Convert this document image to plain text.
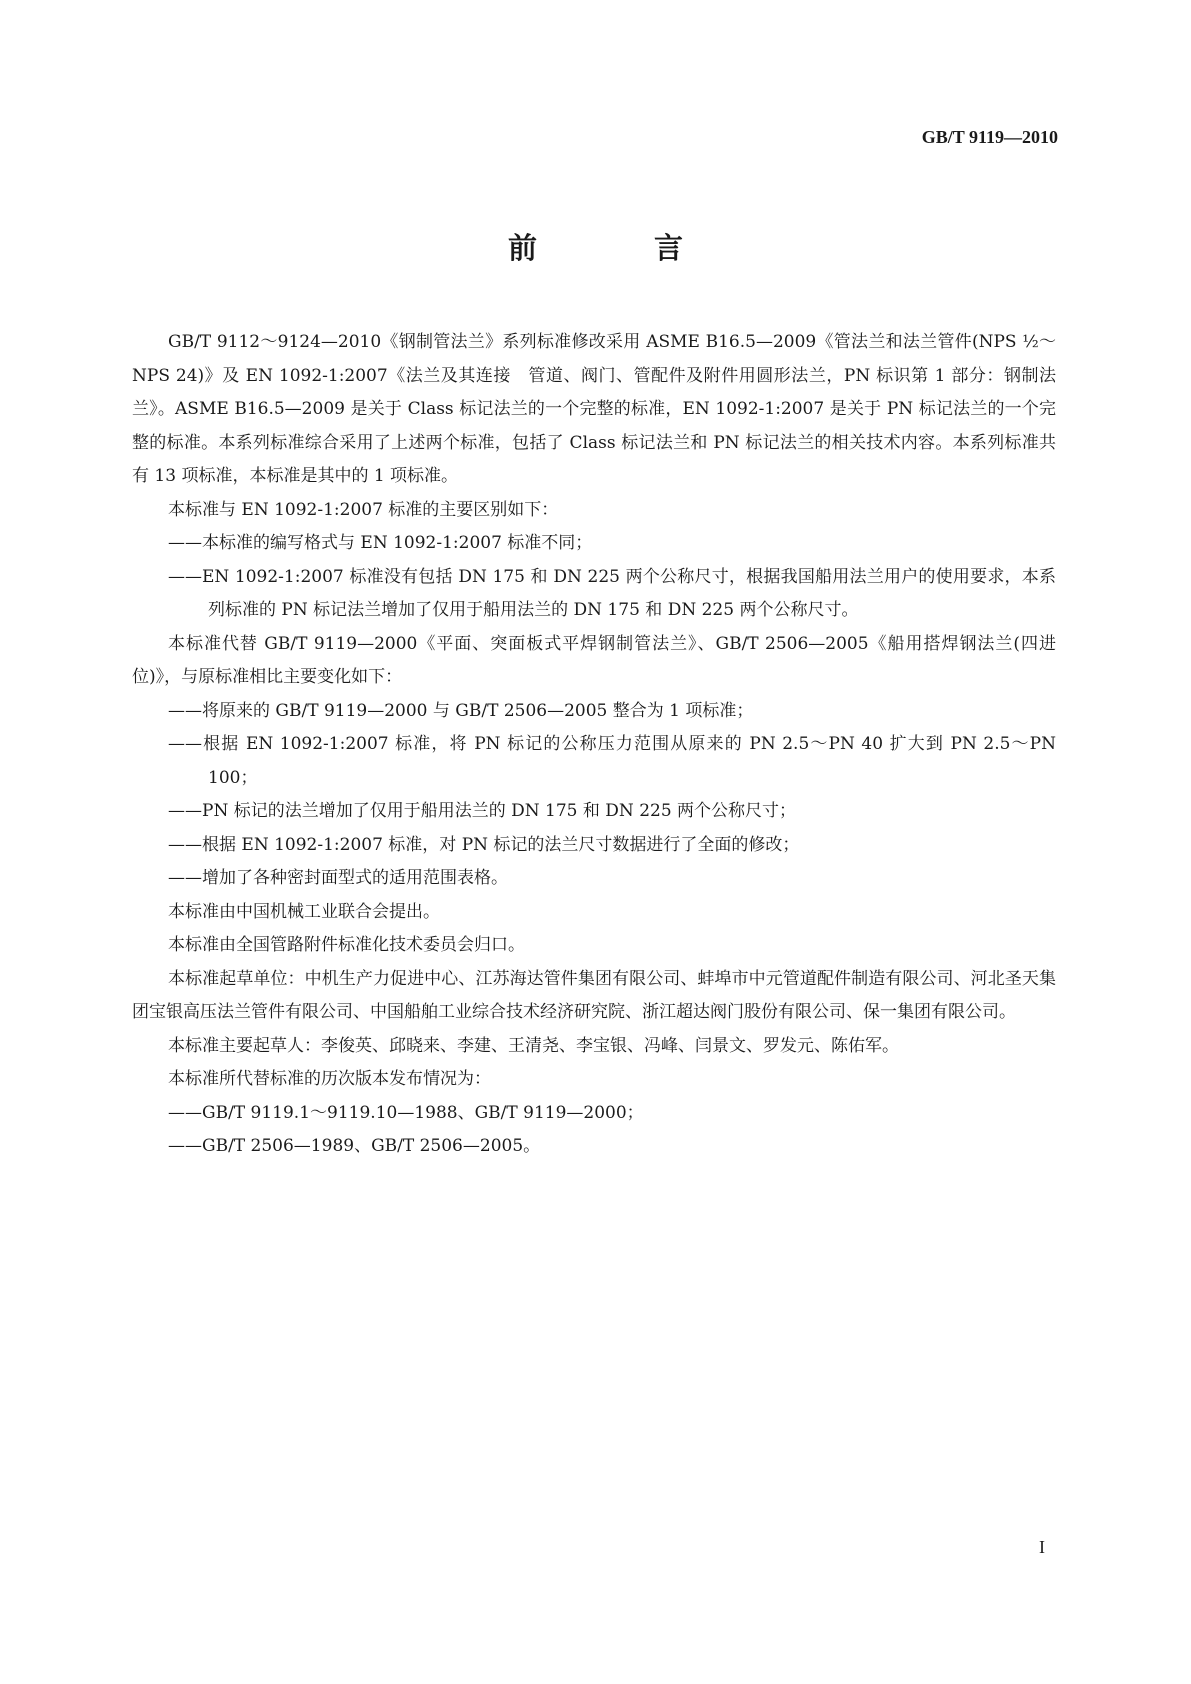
GB/T 9119—2010
前　言

GB/T 9112～9124—2010《钢制管法兰》系列标准修改采用 ASME B16.5—2009《管法兰和法兰管件(NPS ½～NPS 24)》及 EN 1092-1:2007《法兰及其连接　管道、阀门、管配件及附件用圆形法兰，PN 标识第 1 部分：钢制法兰》。ASME B16.5—2009 是关于 Class 标记法兰的一个完整的标准，EN 1092-1:2007 是关于 PN 标记法兰的一个完整的标准。本系列标准综合采用了上述两个标准，包括了 Class 标记法兰和 PN 标记法兰的相关技术内容。本系列标准共有 13 项标准，本标准是其中的 1 项标准。

本标准与 EN 1092-1:2007 标准的主要区别如下：

——本标准的编写格式与 EN 1092-1:2007 标准不同；

——EN 1092-1:2007 标准没有包括 DN 175 和 DN 225 两个公称尺寸，根据我国船用法兰用户的使用要求，本系列标准的 PN 标记法兰增加了仅用于船用法兰的 DN 175 和 DN 225 两个公称尺寸。

本标准代替 GB/T 9119—2000《平面、突面板式平焊钢制管法兰》、GB/T 2506—2005《船用搭焊钢法兰(四进位)》，与原标准相比主要变化如下：

——将原来的 GB/T 9119—2000 与 GB/T 2506—2005 整合为 1 项标准；

——根据 EN 1092-1:2007 标准，将 PN 标记的公称压力范围从原来的 PN 2.5～PN 40 扩大到 PN 2.5～PN 100；

——PN 标记的法兰增加了仅用于船用法兰的 DN 175 和 DN 225 两个公称尺寸；

——根据 EN 1092-1:2007 标准，对 PN 标记的法兰尺寸数据进行了全面的修改；

——增加了各种密封面型式的适用范围表格。

本标准由中国机械工业联合会提出。

本标准由全国管路附件标准化技术委员会归口。

本标准起草单位：中机生产力促进中心、江苏海达管件集团有限公司、蚌埠市中元管道配件制造有限公司、河北圣天集团宝银高压法兰管件有限公司、中国船舶工业综合技术经济研究院、浙江超达阀门股份有限公司、保一集团有限公司。

本标准主要起草人：李俊英、邱晓来、李建、王清尧、李宝银、冯峰、闫景文、罗发元、陈佑军。

本标准所代替标准的历次版本发布情况为：

——GB/T 9119.1～9119.10—1988、GB/T 9119—2000；

——GB/T 2506—1989、GB/T 2506—2005。

I
